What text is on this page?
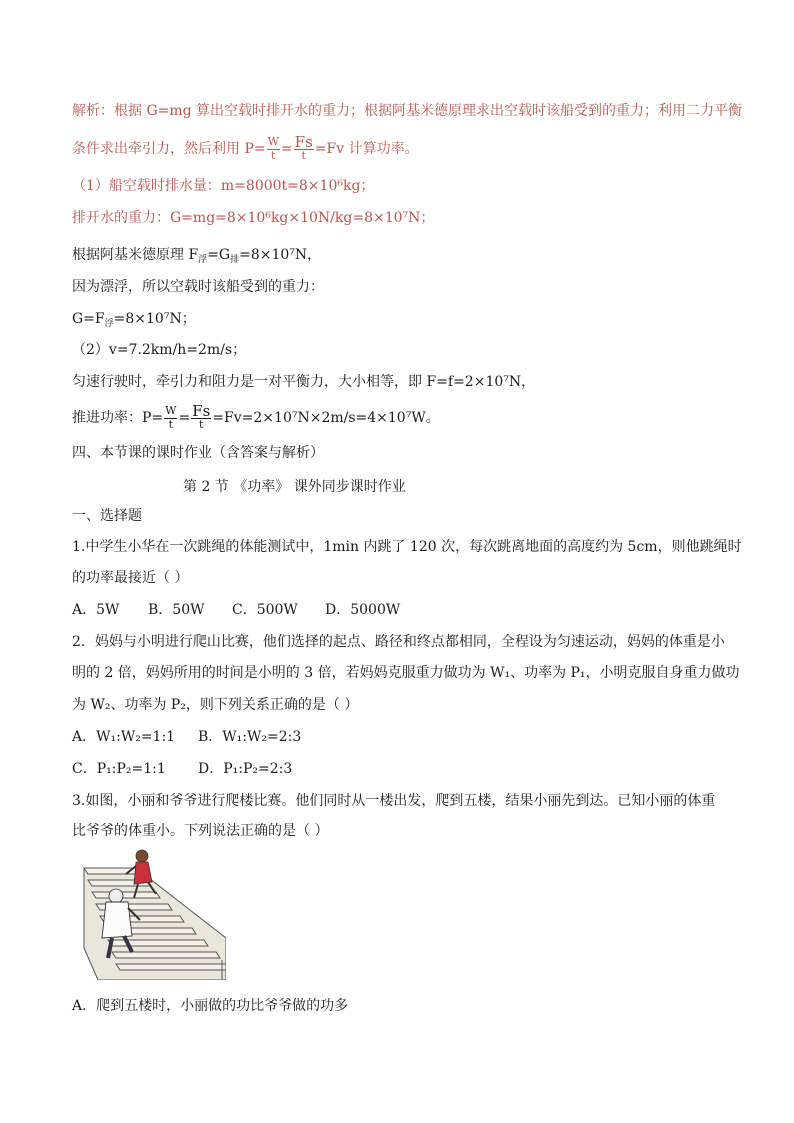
解析：根据 G=mg 算出空载时排开水的重力；根据阿基米德原理求出空载时该船受到的重力；利用二力平衡
条件求出牵引力，然后利用 $P= \frac{W}{t} = \frac{Fs}{t} =Fv$ 计算功率。
（1）船空载时排水量：m=8000t=8×10⁶kg；
排开水的重力：G=mg=8×10⁶kg×10N/kg=8×10⁷N；
根据阿基米德原理 $F_浮=G_排=8\times 10^7N$，
因为漂浮，所以空载时该船受到的重力：
$G=F_浮=8\times 10^7N$；
（2）v=7.2km/h=2m/s；
匀速行驶时，牵引力和阻力是一对平衡力，大小相等，即 F=f=2×10⁷N，
推进功率：$P= \frac{W}{t} = \frac{Fs}{t} =Fv=2\times 10^7N\times 2m/s=4\times 10^7W$。
四、本节课的课时作业（含答案与解析）
第 2 节 《功率》 课外同步课时作业
一、选择题
1.中学生小华在一次跳绳的体能测试中，1min 内跳了 120 次，每次跳离地面的高度约为 5cm，则他跳绳时
的功率最接近（ ）
A．5W B．50W C．500W D．5000W
2．妈妈与小明进行爬山比赛，他们选择的起点、路径和终点都相同，全程设为匀速运动，妈妈的体重是小
明的 2 倍，妈妈所用的时间是小明的 3 倍，若妈妈克服重力做功为 W₁、功率为 P₁，小明克服自身重力做功
为 W₂、功率为 P₂，则下列关系正确的是（ ）
A．W₁:W₂=1:1 B．W₁:W₂=2:3
C．P₁:P₂=1:1 D．P₁:P₂=2:3
3.如图，小丽和爷爷进行爬楼比赛。他们同时从一楼出发，爬到五楼，结果小丽先到达。已知小丽的体重
比爷爷的体重小。下列说法正确的是（ ）
A．爬到五楼时，小丽做的功比爷爷做的功多
